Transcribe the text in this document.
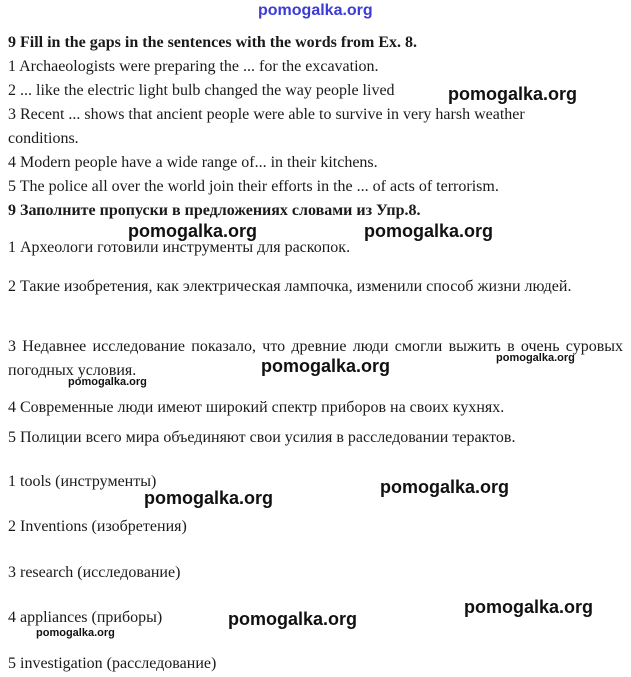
pomogalka.org
9 Fill in the gaps in the sentences with the words from Ex. 8.
1 Archaeologists were preparing the ... for the excavation.
2 ... like the electric light bulb changed the way people lived
3 Recent ... shows that ancient people were able to survive in very harsh weather
conditions.
4 Modern people have a wide range of... in their kitchens.
5 The police all over the world join their efforts in the ... of acts of terrorism.
9 Заполните пропуски в предложениях словами из Упр.8.
1 Археологи готовили инструменты для раскопок.
2 Такие изобретения, как электрическая лампочка, изменили способ жизни людей.
3 Недавнее исследование показало, что древние люди смогли выжить в очень суровых погодных условия.
4 Современные люди имеют широкий спектр приборов на своих кухнях.
5 Полиции всего мира объединяют свои усилия в расследовании терактов.
1 tools (инструменты)
2 Inventions (изобретения)
3 research (исследование)
4 appliances (приборы)
5 investigation (расследование)
pomogalka.org
pomogalka.org	pomogalka.org
pomogalka.org
pomogalka.org
pomogalka.org
pomogalka.org
pomogalka.org
pomogalka.org
pomogalka.org
pomogalka.org
